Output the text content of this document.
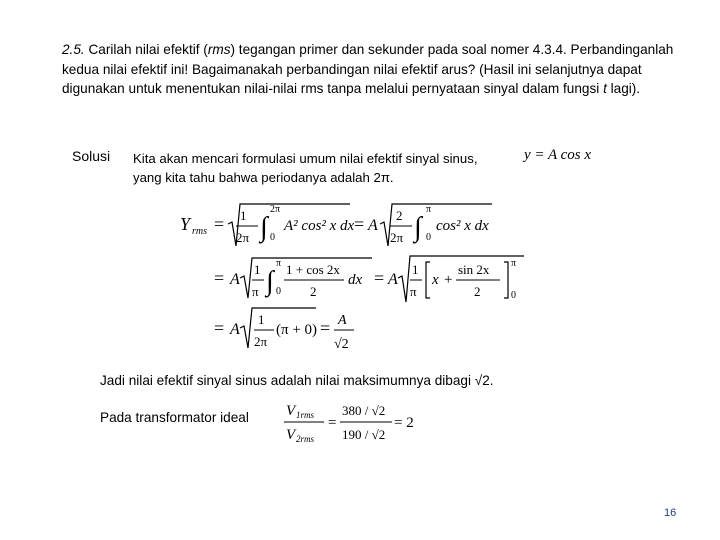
2.5. Carilah nilai efektif (rms) tegangan primer dan sekunder pada soal nomer 4.3.4. Perbandinganlah kedua nilai efektif ini! Bagaimanakah perbandingan nilai efektif arus? (Hasil ini selanjutnya dapat digunakan untuk menentukan nilai-nilai rms tanpa melalui pernyataan sinyal dalam fungsi t lagi).
Solusi Kita akan mencari formulasi umum nilai efektif sinyal sinus,
yang kita tahu bahwa periodanya adalah 2π.
y = A cos x
Y rms = 1
2π ∫
2π
0
A² cos² x dx = A
2
2π ∫
π
0
cos² x dx
= A
1
π ∫
π
0
1 + cos 2x
2
dx = A
1
π
x +
sin 2x
2
π
0
= A
1
2π
(π + 0) = A
√2
Jadi nilai efektif sinyal sinus adalah nilai maksimumnya dibagi √2.
Pada transformator ideal V 1rms
V 2rms
=
380 / √2
190 / √2
= 2
16
